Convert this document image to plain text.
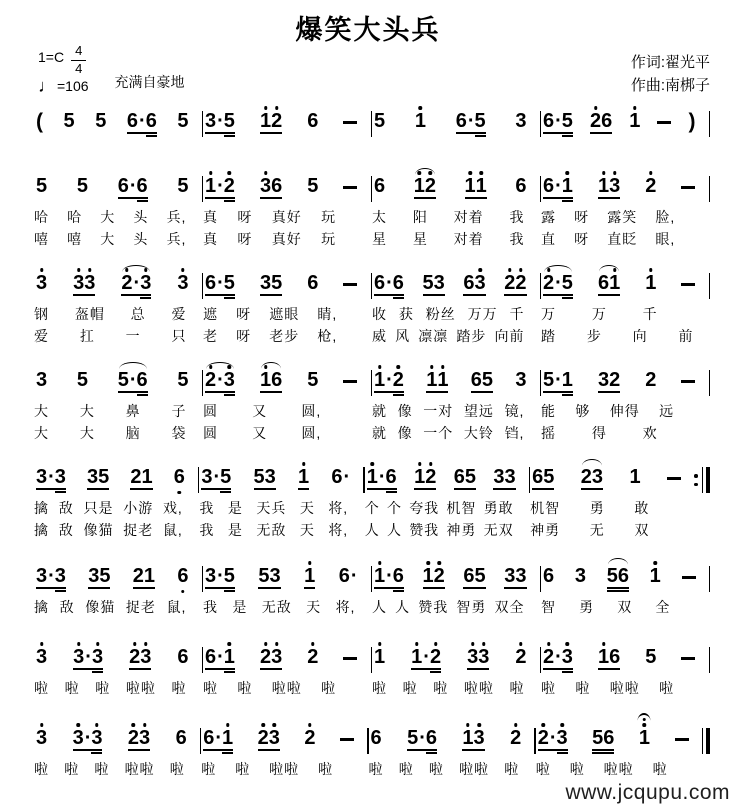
爆笑大头兵
$1=C \frac{4}{4}$
♩ =106 充满自豪地
作词:翟光平
作曲:南梆子
( 5 5 6 · 6 5 3 · 5 1 2 6	5 1 6 · 5 3 6 · 5 2 6 1 )
5 5 6 · 6 5
哈 哈 大 头 兵,
嘻 嘻 大 头 兵,
1 · 2 3 6 5
真 呀 真好 玩
真 呀 真好 玩
6 1 2 1 1 6
太 阳 对着 我
星 星 对着 我
6 · 1 1 3 2
露 呀 露笑 脸,
直 呀 直眨 眼,
3 3 3 2 · 3 3
钢 盔帽 总 爱
爱 扛 一 只
6 · 5 3 5 6
遮 呀 遮眼 睛,
老 呀 老步 枪,
6 · 6 5 3 6 3 2 2
收 获 粉丝 万万 千
威 风 凛凛 踏步 向前
2 · 5 6 1 1
万	万	千
踏 步 向 前
3 5 5 · 6 5
大 大 鼻 子
大 大 脑 袋
2 · 3 1 6 5
圆 又 圆,
圆 又 圆,
1 · 2 1 1 6 5 3
就 像 一对 望远 镜,
就 像 一个 大铃 铛,
5 · 1 3 2 2
能 够 伸得 远
摇	得	欢
3 · 3 3 5 2 1 6
擒 敌 只是 小游 戏,
擒 敌 像猫 捉老 鼠,
3 · 5 5 3 1 6 ·
我 是 天兵 天 将,
我 是 无敌 天 将,
1 · 6 1 2 6 5 3 3
个 个 夸我 机智 勇敢
人 人 赞我 神勇 无双
6 5 2 3 1
机智 勇 敢
神勇 无 双
3 · 3 3 5 2 1 6
擒 敌 像猫 捉老 鼠,
3 · 5 5 3 1 6 ·
我 是 无敌 天 将,
1 · 6 1 2 6 5 3 3
人 人 赞我 智勇 双全
6 3 5 6 1
智 勇 双 全
3 3 · 3 2 3 6
啦 啦 啦 啦啦 啦
6 · 1 2 3 2
啦 啦 啦啦 啦
1 1 · 2 3 3 2
啦 啦 啦 啦啦 啦
2 · 3 1 6 5
啦 啦 啦啦 啦
3 3 · 3 2 3 6
啦 啦 啦 啦啦 啦
6 · 1 2 3 2
啦 啦 啦啦 啦
6 5 · 6 1 3 2
啦 啦 啦 啦啦 啦
2 · 3 5 6 1
啦 啦 啦啦 啦
www.jcqupu.com
